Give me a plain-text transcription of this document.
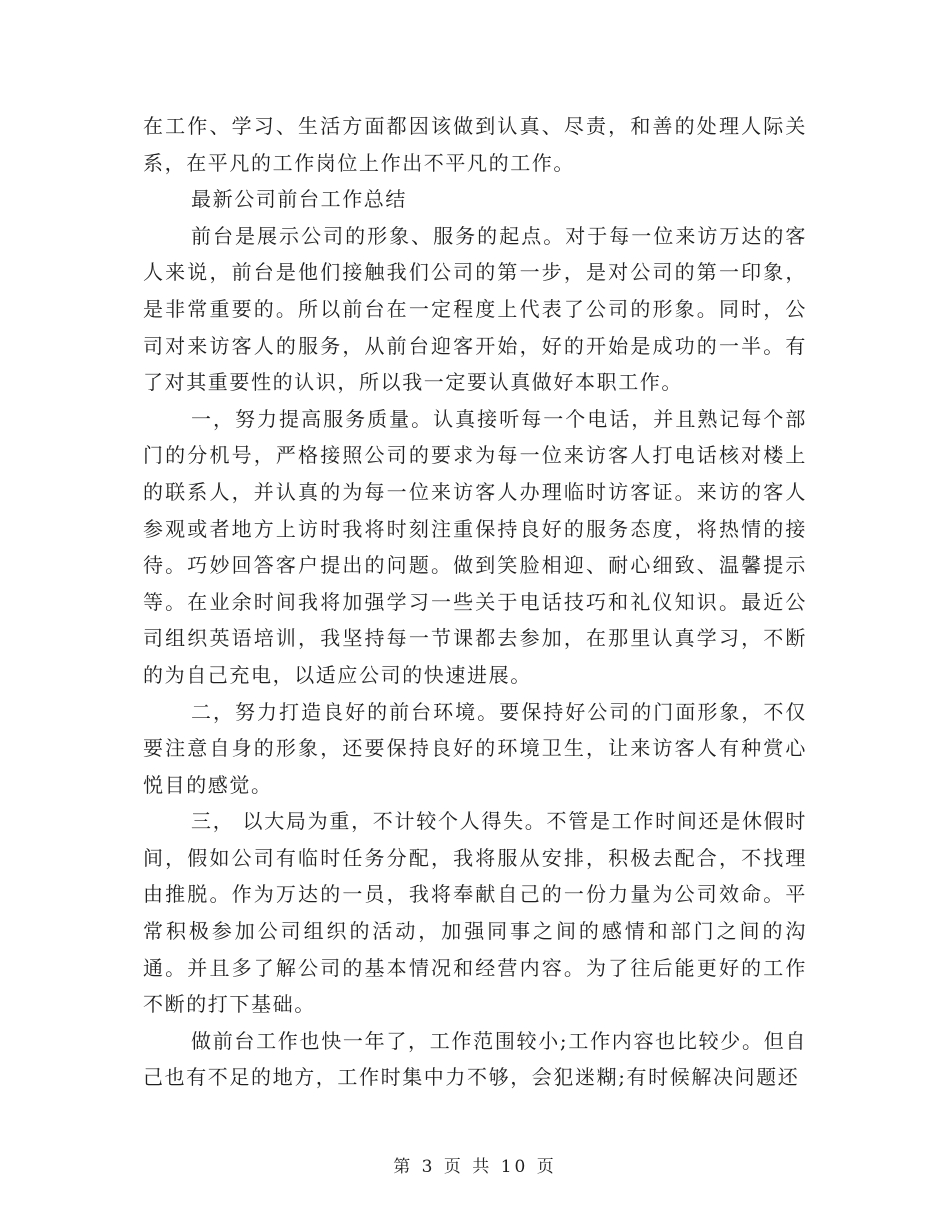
在工作、学习、生活方面都因该做到认真、尽责，和善的处理人际关系，在平凡的工作岗位上作出不平凡的工作。

最新公司前台工作总结

前台是展示公司的形象、服务的起点。对于每一位来访万达的客人来说，前台是他们接触我们公司的第一步，是对公司的第一印象，是非常重要的。所以前台在一定程度上代表了公司的形象。同时，公司对来访客人的服务，从前台迎客开始，好的开始是成功的一半。有了对其重要性的认识，所以我一定要认真做好本职工作。

一，努力提高服务质量。认真接听每一个电话，并且熟记每个部门的分机号，严格接照公司的要求为每一位来访客人打电话核对楼上的联系人，并认真的为每一位来访客人办理临时访客证。来访的客人参观或者地方上访时我将时刻注重保持良好的服务态度，将热情的接待。巧妙回答客户提出的问题。做到笑脸相迎、耐心细致、温馨提示等。在业余时间我将加强学习一些关于电话技巧和礼仪知识。最近公司组织英语培训，我坚持每一节课都去参加，在那里认真学习，不断的为自己充电，以适应公司的快速进展。

二，努力打造良好的前台环境。要保持好公司的门面形象，不仅要注意自身的形象，还要保持良好的环境卫生，让来访客人有种赏心悦目的感觉。

三， 以大局为重，不计较个人得失。不管是工作时间还是休假时间，假如公司有临时任务分配，我将服从安排，积极去配合，不找理由推脱。作为万达的一员，我将奉献自己的一份力量为公司效命。平常积极参加公司组织的活动，加强同事之间的感情和部门之间的沟通。并且多了解公司的基本情况和经营内容。为了往后能更好的工作不断的打下基础。

做前台工作也快一年了，工作范围较小;工作内容也比较少。但自己也有不足的地方，工作时集中力不够，会犯迷糊;有时候解决问题还

第 3 页 共 10 页
